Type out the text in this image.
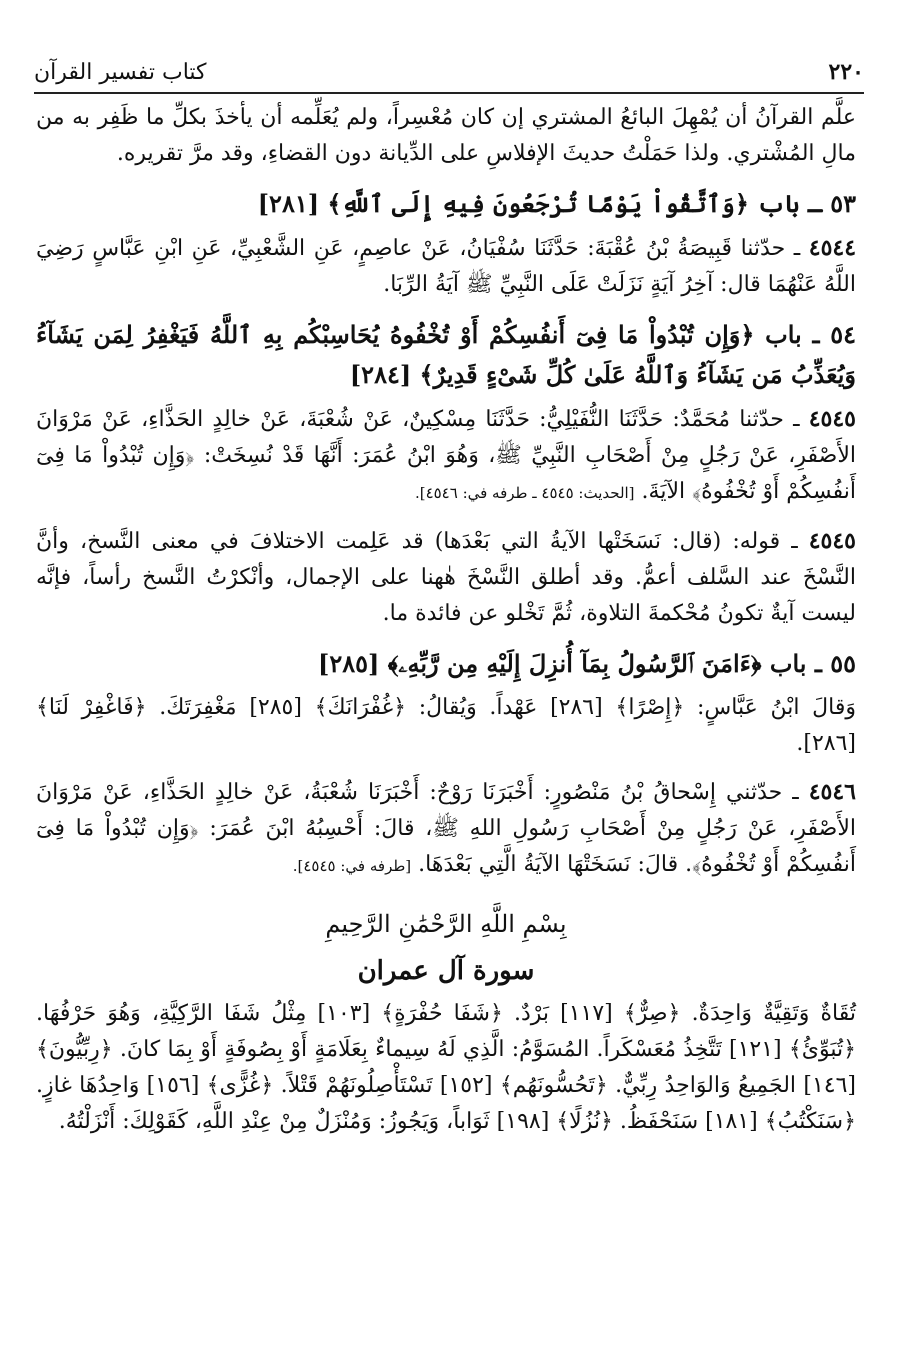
٢٢٠
كتاب تفسير القرآن

علَّم القرآنُ أن يُمْهِلَ البائعُ المشتري إن كان مُعْسِراً، ولم يُعَلِّمه أن يأخذَ بكلِّ ما ظَفِر به من مالِ المُشْتري. ولذا حَمَلْتُ حديثَ الإفلاسِ على الدِّيانة دون القضاءِ، وقد مرَّ تقريره.

٥٣ ـ باب ﴿وَٱتَّقُواْ يَوْمًا تُرْجَعُونَ فِيهِ إِلَى ٱللَّهِ﴾ [٢٨١]

٤٥٤٤ ـ حدّثنا قَبِيصَةُ بْنُ عُقْبَةَ: حَدَّثَنَا سُفْيَانُ، عَنْ عاصِمٍ، عَنِ الشَّعْبِيِّ، عَنِ ابْنِ عَبَّاسٍ رَضِيَ اللَّهُ عَنْهُمَا قال: آخِرُ آيَةٍ نَزَلَتْ عَلَى النَّبِيِّ ﷺ آيَةُ الرِّبَا.

٥٤ ـ باب ﴿وَإِن تُبْدُواْ مَا فِىٓ أَنفُسِكُمْ أَوْ تُخْفُوهُ يُحَاسِبْكُم بِهِ ٱللَّهُ فَيَغْفِرُ لِمَن يَشَآءُ وَيُعَذِّبُ مَن يَشَآءُ وَٱللَّهُ عَلَىٰ كُلِّ شَىْءٍ قَدِيرٌ﴾ [٢٨٤]

٤٥٤٥ ـ حدّثنا مُحَمَّدٌ: حَدَّثَنَا النُّفَيْلِيُّ: حَدَّثَنَا مِسْكِينٌ، عَنْ شُعْبَةَ، عَنْ خالِدٍ الحَذَّاءِ، عَنْ مَرْوَانَ الأَصْفَرِ، عَنْ رَجُلٍ مِنْ أَصْحَابِ النَّبِيِّ ﷺ، وَهُوَ ابْنُ عُمَرَ: أَنَّهَا قَدْ نُسِخَتْ: ﴿وَإِن تُبْدُواْ مَا فِىٓ أَنفُسِكُمْ أَوْ تُخْفُوهُ﴾ الآيَةَ. [الحديث: ٤٥٤٥ ـ طرفه في: ٤٥٤٦].

٤٥٤٥ ـ قوله: (قال: نَسَخَتْها الآيةُ التي بَعْدَها) قد عَلِمت الاختلافَ في معنى النَّسخ، وأنَّ النَّسْخَ عند السَّلف أعمُّ. وقد أطلق النَّسْخَ هٰهنا على الإجمال، وأنْكرْتُ النَّسخ رأساً، فإنَّه ليست آيةٌ تكونُ مُحْكمةَ التلاوة، ثُمَّ تَخْلو عن فائدة ما.

٥٥ ـ باب ﴿ءَامَنَ ٱلرَّسُولُ بِمَآ أُنزِلَ إِلَيْهِ مِن رَّبِّهِۦ﴾ [٢٨٥]

وَقالَ ابْنُ عَبَّاسٍ: ﴿إِصْرًا﴾ [٢٨٦] عَهْداً. وَيُقالُ: ﴿غُفْرَانَكَ﴾ [٢٨٥] مَغْفِرَتَكَ. ﴿فَاغْفِرْ لَنَا﴾ [٢٨٦].

٤٥٤٦ ـ حدّثني إِسْحاقُ بْنُ مَنْصُورٍ: أَخْبَرَنَا رَوْحٌ: أَخْبَرَنَا شُعْبَةُ، عَنْ خالِدٍ الحَذَّاءِ، عَنْ مَرْوَانَ الأَصْفَرِ، عَنْ رَجُلٍ مِنْ أَصْحَابِ رَسُولِ اللهِ ﷺ، قالَ: أَحْسِبُهُ ابْنَ عُمَرَ: ﴿وَإِن تُبْدُواْ مَا فِىٓ أَنفُسِكُمْ أَوْ تُخْفُوهُ﴾. قالَ: نَسَخَتْهَا الآيَةُ الَّتِي بَعْدَهَا. [طرفه في: ٤٥٤٥].

بِسْمِ اللَّهِ الرَّحْمَٰنِ الرَّحِيمِ
سورة آل عمران

تُقَاةٌ وَتَقِيَّةٌ وَاحِدَةٌ. ﴿صِرٌّ﴾ [١١٧] بَرْدٌ. ﴿شَفَا حُفْرَةٍ﴾ [١٠٣] مِثْلُ شَفَا الرَّكِيَّةِ، وَهُوَ حَرْفُهَا. ﴿تُبَوِّئُ﴾ [١٢١] تَتَّخِذُ مُعَسْكَراً. المُسَوَّمُ: الَّذِي لَهُ سِيماءٌ بِعَلَامَةٍ أَوْ بِصُوفَةٍ أَوْ بِمَا كانَ. ﴿رِبِّيُّونَ﴾ [١٤٦] الجَمِيعُ وَالوَاحِدُ رِبِّيٌّ. ﴿تَحُسُّونَهُم﴾ [١٥٢] تَسْتَأْصِلُونَهُمْ قَتْلاً. ﴿غُزًّى﴾ [١٥٦] وَاحِدُهَا غازٍ. ﴿سَنَكْتُبُ﴾ [١٨١] سَنَحْفَظُ. ﴿نُزُلًا﴾ [١٩٨] ثَوَاباً، وَيَجُوزُ: وَمُنْزَلٌ مِنْ عِنْدِ اللَّهِ، كَقَوْلِكَ: أَنْزَلْتُهُ.
